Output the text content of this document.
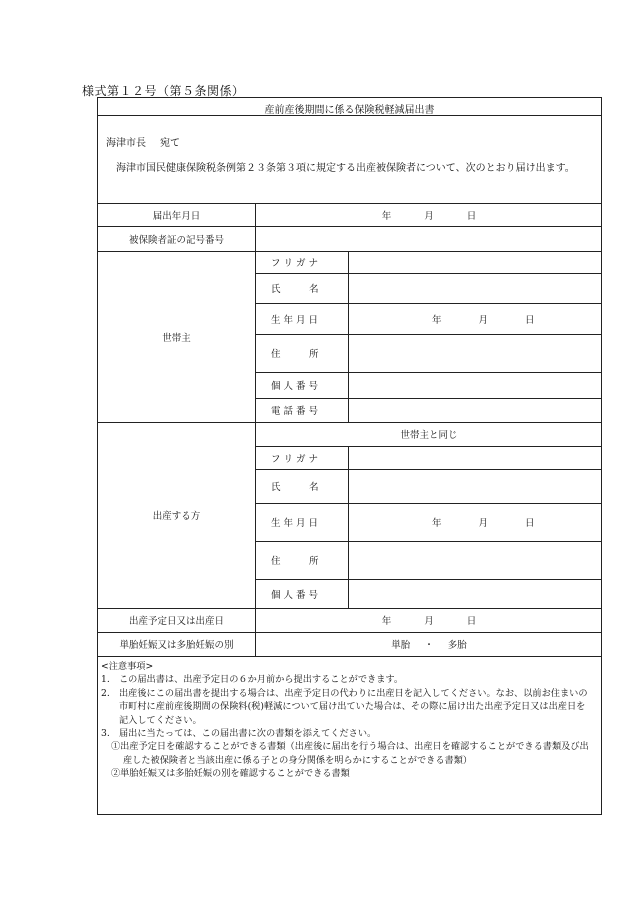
様式第１２号（第５条関係）
産前産後期間に係る保険税軽減届出書
海津市長 宛て
海津市国民健康保険税条例第２３条第３項に規定する出産被保険者について、次のとおり届け出ます。
届出年月日	年	月	日
被保険者証の記号番号
世帯主
フ リ ガ ナ
氏　　　名
生 年 月 日	年	月	日
住　　　所
個 人 番 号
電 話 番 号
出産する方
世帯主と同じ
フ リ ガ ナ
氏　　　名
生 年 月 日	年	月	日
住　　　所
個 人 番 号
出産予定日又は出産日	年	月	日
単胎妊娠又は多胎妊娠の別	単胎 ・ 多胎

<注意事項>

1.　この届出書は、出産予定日の６か月前から提出することができます。

2.　出産後にこの届出書を提出する場合は、出産予定日の代わりに出産日を記入してください。なお、以前お住まいの市町村に産前産後期間の保険料(税)軽減について届け出ていた場合は、その際に届け出た出産予定日又は出産日を記入してください。

3.　届出に当たっては、この届出書に次の書類を添えてください。

①出産予定日を確認することができる書類（出産後に届出を行う場合は、出産日を確認することができる書類及び出産した被保険者と当該出産に係る子との身分関係を明らかにすることができる書類）

②単胎妊娠又は多胎妊娠の別を確認することができる書類
